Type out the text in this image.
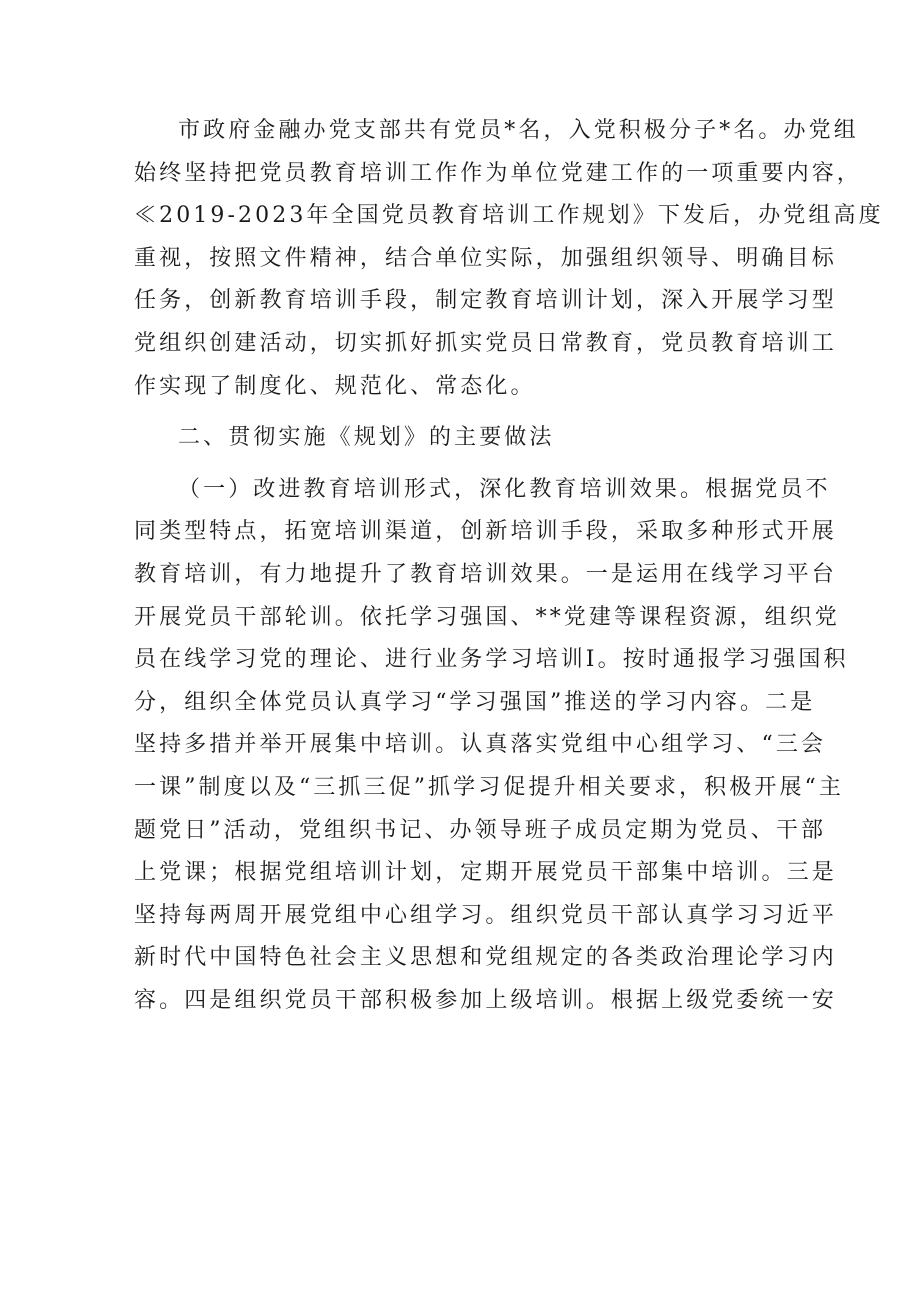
市政府金融办党支部共有党员*名，入党积极分子*名。办党组
始终坚持把党员教育培训工作作为单位党建工作的一项重要内容，
≪2019-2023年全国党员教育培训工作规划》下发后，办党组高度
重视，按照文件精神，结合单位实际，加强组织领导、明确目标
任务，创新教育培训手段，制定教育培训计划，深入开展学习型
党组织创建活动，切实抓好抓实党员日常教育，党员教育培训工
作实现了制度化、规范化、常态化。
二、贯彻实施《规划》的主要做法
（一）改进教育培训形式，深化教育培训效果。根据党员不
同类型特点，拓宽培训渠道，创新培训手段，采取多种形式开展
教育培训，有力地提升了教育培训效果。一是运用在线学习平台
开展党员干部轮训。依托学习强国、**党建等课程资源，组织党
员在线学习党的理论、进行业务学习培训I。按时通报学习强国积
分，组织全体党员认真学习“学习强国”推送的学习内容。二是
坚持多措并举开展集中培训。认真落实党组中心组学习、“三会
一课”制度以及“三抓三促”抓学习促提升相关要求，积极开展“主
题党日”活动，党组织书记、办领导班子成员定期为党员、干部
上党课；根据党组培训计划，定期开展党员干部集中培训。三是
坚持每两周开展党组中心组学习。组织党员干部认真学习习近平
新时代中国特色社会主义思想和党组规定的各类政治理论学习内
容。四是组织党员干部积极参加上级培训。根据上级党委统一安
